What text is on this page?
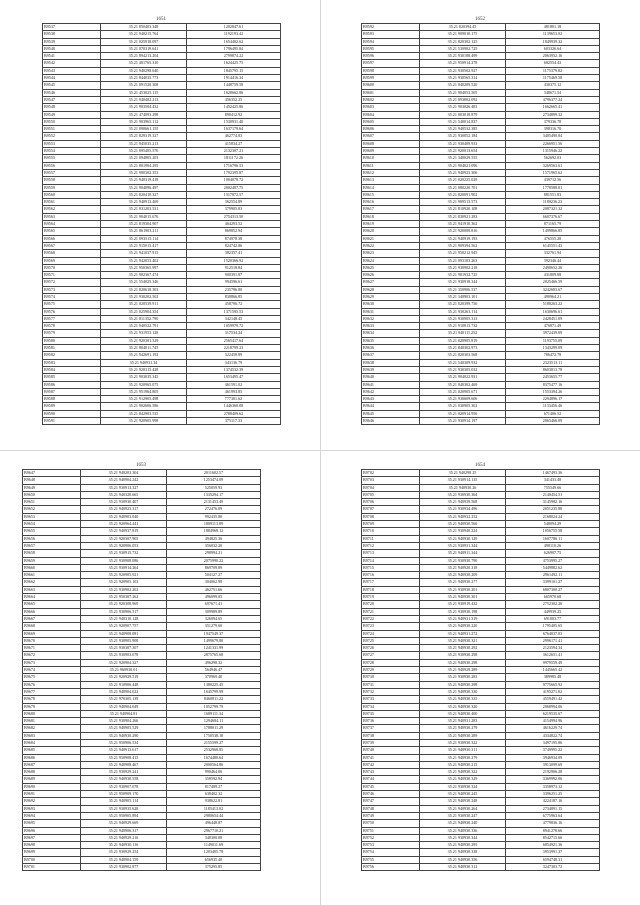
1651
B9537	35.21 850403.348	1202847.61
B9538	35.21 940215.764	1192193.42
B9539	35.21 025918.097	1654402.62
B9540	35.21 070319.641	1796495.84
B9541	35.21 894213.204	2799874.22
B9542	35.21 401765.310	1624425.75
B9543	35.21 940298.640	1845795.15
B9544	35.21 844035.773	1914416.34
B9545	35.21 091520.308	1448759.58
B9546	35.21 453025.115	1628662.86
B9547	35.21 040402.213	456352.25
B9548	35.21 903504.432	1452425.86
B9549	35.21 474093.298	890412.92
B9550	35.21 903965.112	1530931.40
B9551	35.21 090661.155	1637179.64
B9552	35.21 829319.327	462774.83
B9553	35.21 945035.213	415834.27
B9554	35.21 095405.576	2132307.21
B9555	35.21 094805.203	1811172.26
B9556	35.21 801904.295	1716796.53
B9557	35.21 900302.353	1792395.87
B9558	35.21 940319.418	1004078.72
B9559	35.21 904096.497	2002407.75
B9560	35.21 820410.327	1317872.57
B9561	35.21 940913.469	362554.89
B9562	35.21 031203.531	379905.83
B9563	35.21 904015.676	2754313.50
B9564	35.21 819304.907	464293.52
B9565	35.21 861903.211	869852.94
B9566	35.21 093515.114	874978.38
B9567	35.21 915015.417	824742.86
B9568	35.21 941037.915	382357.41
B9569	35.21 942053.402	1520366.92
B9570	35.21 950365.997	912518.84
B9571	35.21 902367.474	900391.87
B9572	35.21 554025.346	994596.61
B9573	35.21 820618.303	235796.80
B9574	35.21 930202.502	830866.85
B9575	35.21 020539.911	458796.72
B9576	35.21 025904.354	1371595.53
B9577	35.21 811352.790	342148.45
B9578	35.21 940522.791	1059979.72
B9579	35.21 931953.128	317534.24
B9580	35.21 920301.529	2565417.64
B9581	35.21 804011.745	2218799.23
B9582	35.21 942691.192	322458.89
B9583	35.21 940931.34	343136.79
B9584	35.21 920315.428	1374532.39
B9585	35.21 903035.345	1653495.47
B9586	35.21 920965.075	461591.02
B9587	35.21 951964.805	461993.85
B9588	35.21 912905.498	777301.62
B9589	35.21 902606.586	1446360.08
B9590	35.21 842903.535	2788409.62
B9591	35.21 920905.998	375117.33
1652
B9592	35.21 820394.45	481801.18
B9593	35.21 909010.175	1139653.02
B9594	35.21 820302.125	1849939.32
B9595	35.21 530902.725	603326.64
B9596	35.21 930188.499	2063952.16
B9597	35.21 950914.278	682554.43
B9598	35.21 930502.927	1175379.82
B9599	35.21 930565.314	1175469.58
B9600	35.21 040209.520	430375.12
B9601	35.21 904053.505	348671.54
B9602	35.21 093802.092	4796377.24
B9603	35.21 903026.483	1662665.41
B9604	35.21 003018.879	2734899.32
B9605	35.21 540014.837	379336.78
B9606	35.21 940532.385	398316.70
B9607	35.21 930052.184	3405490.84
B9608	35.21 930409.933	2266951.56
B9609	35.21 920013.654	1315946.22
B9610	35.21 340029.555	562692.03
B9611	35.21 904021.096	3269563.61
B9612	35.21 940923.306	1571965.62
B9613	35.21 020225.029	439712.56
B9614	35.21 080220.701	1778588.01
B9615	35.21 820091.902	881551.83
B9616	35.21 909513.573	1180236.23
B9617	35.21 810920.108	2087321.32
B9618	35.21 830921.283	6607376.67
B9619	35.21 941910.362	871165.79
B9620	35.21 920008.816	1499866.85
B9621	35.21 940919.193	476555.28
B9622	35.21 909394.562	6145551.43
B9623	35.21 950212.945	332761.94
B9624	35.21 093103.263	392346.44
B9625	35.21 930902.218	2490652.26
B9626	35.21 901932.725	431809.08
B9627	35.21 930918.344	2025466.59
B9628	35.21 350906.537	3242683.67
B9629	35.21 340903.101	490964.21
B9630	35.21 020399.756	5188263.22
B9631	35.21 930263.114	1630696.61
B9632	35.21 930905.313	2428451.09
B9633	35.21 910813.732	476871.49
B9634	35.21 940111.252	3972439.09
B9635	35.21 020905.819	1193755.09
B9636	35.21 840302.973	1343299.09
B9637	35.21 820303.568	786472.78
B9638	35.21 540309.932	2323513.11
B9639	35.21 930305.032	8603813.78
B9640	35.21 904022.931	2453655.77
B9641	35.21 040302.469	8375477.16
B9642	35.21 020905.671	1553394.26
B9643	35.21 930609.606	2294896.17
B9644	35.21 030905.302	1133456.46
B9645	35.21 020914.956	671406.52
B9646	35.21 930914.197	2065466.09
1653
B9647	35.21 940203.304	2011602.57
B9648	35.21 940904.242	1253474.09
B9649	35.21 930913.327	525059.93
B9650	35.21 940320.665	1335294.17
B9651	35.21 930930.407	2131453.49
B9652	35.21 940923.317	272476.09
B9653	35.21 940903.040	992435.80
B9654	35.21 920964.441	1809113.89
B9655	35.21 940937.819	1884968.12
B9656	35.21 920307.905	494825.36
B9657	35.21 920906.053	356032.20
B9658	35.21 930915.732	298994.21
B9659	35.21 930908.086	2075990.22
B9660	35.21 930914.264	869709.89
B9661	35.21 920905.921	504127.27
B9662	35.21 920905.103	304062.98
B9663	35.21 930902.202	462751.66
B9664	35.21 950307.262	496099.05
B9665	35.21 920308.969	697671.41
B9666	35.21 930906.517	309989.89
B9667	35.21 940310.128	326094.65
B9668	35.21 920907.757	351279.60
B9669	35.21 940908.081	1947549.37
B9670	35.21 930905.908	1499679.80
B9671	35.21 930307.307	1241331.99
B9672	35.21 930903.078	2875765.68
B9673	35.21 920904.327	496298.32
B9674	35.21 960930.01	564946.47
B9675	35.21 920929.519	370969.40
B9676	35.21 910906.448	1380225.45
B9677	35.21 940904.022	1645799.99
B9678	35.21 970305.139	8460811.22
B9679	35.21 940904.049	1052799.79
B9680	35.21 940904.81	1689111.34
B9681	35.21 930904.266	1294684.11
B9682	35.21 940905.529	1788011.29
B9683	35.21 940930.290	1750538.18
B9684	35.21 950906.534	2155599.27
B9685	35.21 940913.617	2532968.85
B9686	35.21 950908.415	1674480.64
B9687	35.21 940908.467	2000564.86
B9688	35.21 930929.241	990464.06
B9689	35.21 940930.558	358592.94
B9690	35.21 930907.078	817489.27
B9691	35.21 950909.170	638402.32
B9692	35.21 940905.114	938622.81
B9693	35.21 930935.628	1185413.02
B9694	35.21 950905.894	2980654.44
B9695	35.21 940929.669	496448.87
B9696	35.21 940906.317	2967710.21
B9697	35.21 940929.216	340300.08
B9698	35.21 940930.116	1149011.69
B9699	35.21 930929.254	1203405.78
B9700	35.21 940904.159	656935.40
B9701	35.21 930902.877	375295.85
1654
B9702	35.21 940298.25	1467493.36
B9703	35.21 930914.135	341433.48
B9704	35.21 940930.26	755549.66
B9705	35.21 930930.364	2140454.51
B9706	35.21 940939.568	3145982.16
B9707	35.21 930934.496	2051235.88
B9708	35.21 940932.252	2168024.24
B9709	35.21 940930.566	548094.29
B9710	35.21 930940.224	1056755.58
B9711	35.21 940930.129	1607786.11
B9712	35.21 930931.344	498110.26
B9713	35.21 940911.344	626907.75
B9714	35.21 930930.790	4753995.27
B9715	35.21 940920.318	5449882.62
B9716	35.21 940930.209	2961492.11
B9717	35.21 940930.277	3399101.27
B9718	35.21 930930.201	6807300.27
B9719	35.21 940930.301	665970.68
B9720	35.21 930919.432	2752302.26
B9721	35.21 930930.198	449939.25
B9722	35.21 940931.319	691003.77
B9723	35.21 940930.220	1795405.65
B9724	35.21 940931.272	6764037.03
B9725	35.21 940930.321	2996171.41
B9726	35.21 940930.292	2123594.34
B9727	35.21 930930.298	3612651.41
B9728	35.21 940930.298	9979559.49
B9729	35.21 940929.289	1445665.42
B9730	35.21 930930.283	389985.48
B9731	35.21 940930.298	9775665.92
B9732	35.21 940930.330	4195271.02
B9733	35.21 940930.335	4559491.42
B9734	35.21 940930.320	2068994.06
B9735	35.21 940930.400	6219535.67
B9736	35.21 940931.283	4154994.96
B9737	35.21 940930.279	4616229.74
B9738	35.21 940930.289	4334822.74
B9739	35.21 930930.322	3497195.86
B9740	35.21 940930.311	3749995.22
B9741	35.21 940930.279	3946934.09
B9742	35.21 940930.215	3913099.69
B9743	35.21 940930.322	2192906.28
B9744	35.21 940930.329	3369992.06
B9745	35.21 930930.324	3358973.12
B9746	35.21 940930.245	3396251.25
B9747	35.21 940930.248	4224187.16
B9748	35.21 940930.264	2734891.15
B9749	35.21 930930.247	6775963.64
B9750	35.21 940930.240	4779836.16
B9751	35.21 940930.336	8941278.66
B9752	35.21 930930.344	8542715.66
B9753	35.21 940930.295	6854921.36
B9754	35.21 940930.338	3953991.37
B9755	35.21 940930.356	6594748.31
B9756	35.21 940930.312	3247303.72
